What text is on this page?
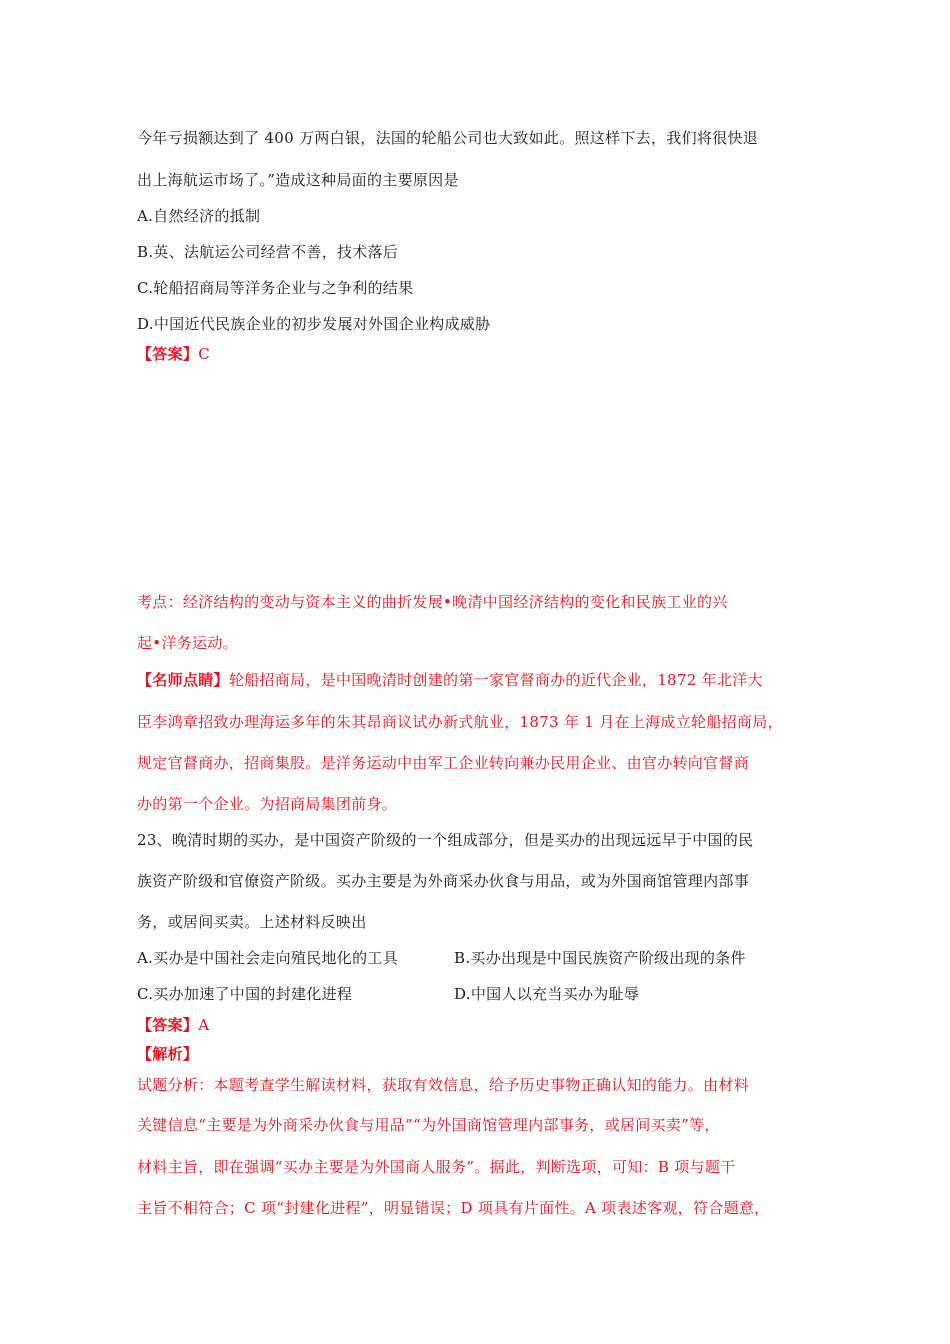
今年亏损额达到了 400 万两白银，法国的轮船公司也大致如此。照这样下去，我们将很快退
出上海航运市场了。”造成这种局面的主要原因是
A.自然经济的抵制
B.英、法航运公司经营不善，技术落后
C.轮船招商局等洋务企业与之争利的结果
D.中国近代民族企业的初步发展对外国企业构成威胁
【答案】C
考点：经济结构的变动与资本主义的曲折发展•晚清中国经济结构的变化和民族工业的兴
起•洋务运动。
【名师点睛】轮船招商局，是中国晚清时创建的第一家官督商办的近代企业，1872 年北洋大
臣李鸿章招致办理海运多年的朱其昂商议试办新式航业，1873 年 1 月在上海成立轮船招商局，
规定官督商办，招商集股。是洋务运动中由军工企业转向兼办民用企业、由官办转向官督商
办的第一个企业。为招商局集团前身。
23、晚清时期的买办，是中国资产阶级的一个组成部分，但是买办的出现远远早于中国的民
族资产阶级和官僚资产阶级。买办主要是为外商采办伙食与用品，或为外国商馆管理内部事
务，或居间买卖。上述材料反映出
A.买办是中国社会走向殖民地化的工具	B.买办出现是中国民族资产阶级出现的条件
C.买办加速了中国的封建化进程	D.中国人以充当买办为耻辱
【答案】A
【解析】
试题分析：本题考查学生解读材料，获取有效信息，给予历史事物正确认知的能力。由材料
关键信息“主要是为外商采办伙食与用品”“为外国商馆管理内部事务，或居间买卖”等，
材料主旨，即在强调“买办主要是为外国商人服务”。据此，判断选项，可知：B 项与题干
主旨不相符合；C 项“封建化进程”，明显错误；D 项具有片面性。A 项表述客观，符合题意，
